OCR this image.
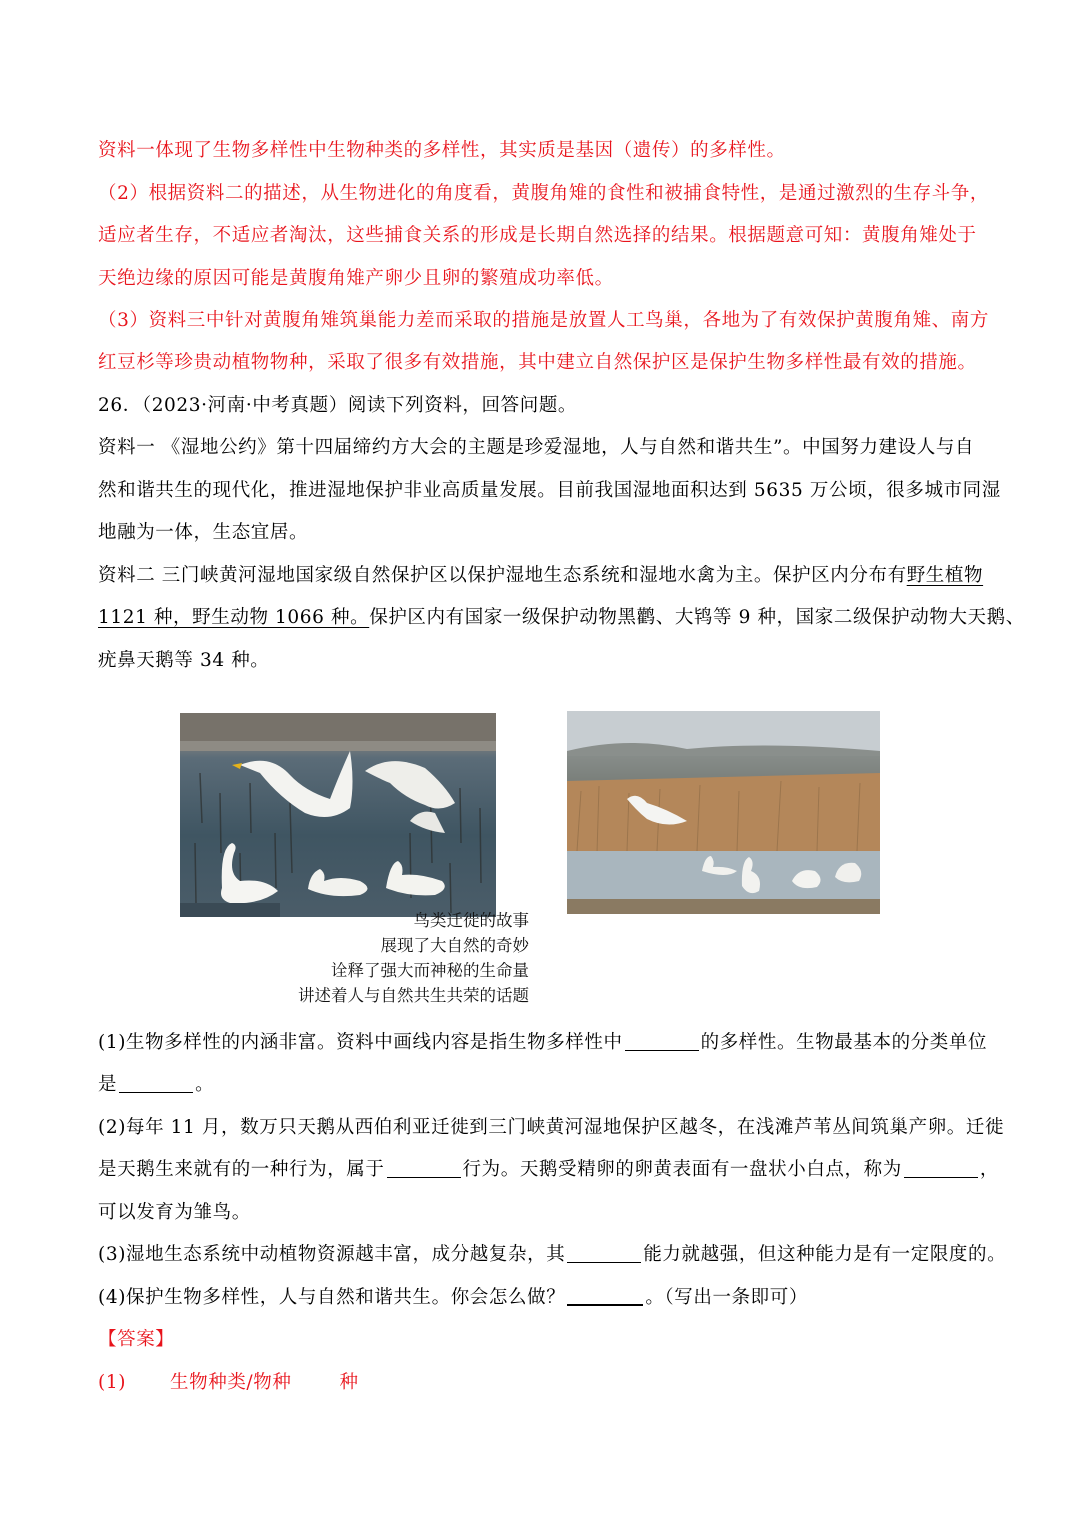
资料一体现了生物多样性中生物种类的多样性，其实质是基因（遗传）的多样性。
（2）根据资料二的描述，从生物进化的角度看，黄腹角雉的食性和被捕食特性，是通过激烈的生存斗争，
适应者生存，不适应者淘汰，这些捕食关系的形成是长期自然选择的结果。根据题意可知：黄腹角雉处于
天绝边缘的原因可能是黄腹角雉产卵少且卵的繁殖成功率低。
（3）资料三中针对黄腹角雉筑巢能力差而采取的措施是放置人工鸟巢，各地为了有效保护黄腹角雉、南方
红豆杉等珍贵动植物物种，采取了很多有效措施，其中建立自然保护区是保护生物多样性最有效的措施。
26．（2023·河南·中考真题）阅读下列资料，回答问题。
资料一 《湿地公约》第十四届缔约方大会的主题是珍爱湿地，人与自然和谐共生”。中国努力建设人与自
然和谐共生的现代化，推进湿地保护非业高质量发展。目前我国湿地面积达到 5635 万公顷，很多城市同湿
地融为一体，生态宜居。
资料二 三门峡黄河湿地国家级自然保护区以保护湿地生态系统和湿地水禽为主。保护区内分布有野生植物
1121 种，野生动物 1066 种。保护区内有国家一级保护动物黑鹳、大鸨等 9 种，国家二级保护动物大天鹅、
疣鼻天鹅等 34 种。
鸟类迁徙的故事
展现了大自然的奇妙
诠释了强大而神秘的生命量
讲述着人与自然共生共荣的话题
(1)生物多样性的内涵非富。资料中画线内容是指生物多样性中	的多样性。生物最基本的分类单位
是	。
(2)每年 11 月，数万只天鹅从西伯利亚迁徙到三门峡黄河湿地保护区越冬，在浅滩芦苇丛间筑巢产卵。迁徙
是天鹅生来就有的一种行为，属于	行为。天鹅受精卵的卵黄表面有一盘状小白点，称为	，
可以发育为雏鸟。
(3)湿地生态系统中动植物资源越丰富，成分越复杂，其	能力就越强，但这种能力是有一定限度的。
(4)保护生物多样性，人与自然和谐共生。你会怎么做？	。（写出一条即可）
【答案】
(1) 生物种类/物种	种
